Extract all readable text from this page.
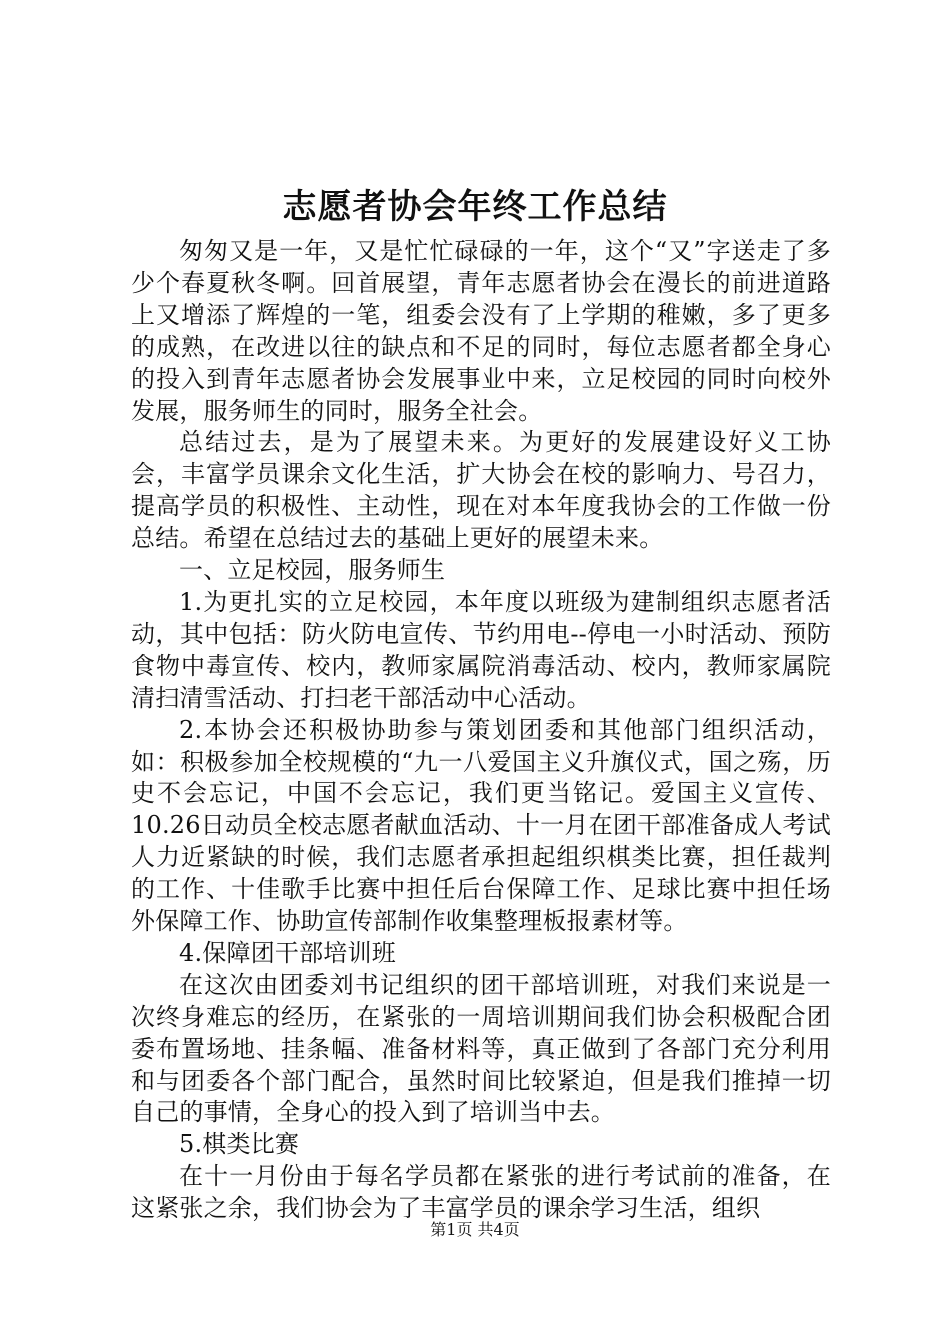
志愿者协会年终工作总结

匆匆又是一年，又是忙忙碌碌的一年，这个“又”字送走了多少个春夏秋冬啊。回首展望，青年志愿者协会在漫长的前进道路上又增添了辉煌的一笔，组委会没有了上学期的稚嫩，多了更多的成熟，在改进以往的缺点和不足的同时，每位志愿者都全身心的投入到青年志愿者协会发展事业中来，立足校园的同时向校外发展，服务师生的同时，服务全社会。

总结过去，是为了展望未来。为更好的发展建设好义工协会，丰富学员课余文化生活，扩大协会在校的影响力、号召力，提高学员的积极性、主动性，现在对本年度我协会的工作做一份总结。希望在总结过去的基础上更好的展望未来。

一、立足校园，服务师生

1.为更扎实的立足校园，本年度以班级为建制组织志愿者活动，其中包括：防火防电宣传、节约用电--停电一小时活动、预防食物中毒宣传、校内，教师家属院消毒活动、校内，教师家属院清扫清雪活动、打扫老干部活动中心活动。

2.本协会还积极协助参与策划团委和其他部门组织活动，如：积极参加全校规模的“九一八爱国主义升旗仪式，国之殇，历史不会忘记，中国不会忘记，我们更当铭记。爱国主义宣传、10.26日动员全校志愿者献血活动、十一月在团干部准备成人考试人力近紧缺的时候，我们志愿者承担起组织棋类比赛，担任裁判的工作、十佳歌手比赛中担任后台保障工作、足球比赛中担任场外保障工作、协助宣传部制作收集整理板报素材等。

4.保障团干部培训班

在这次由团委刘书记组织的团干部培训班，对我们来说是一次终身难忘的经历，在紧张的一周培训期间我们协会积极配合团委布置场地、挂条幅、准备材料等，真正做到了各部门充分利用和与团委各个部门配合，虽然时间比较紧迫，但是我们推掉一切自己的事情，全身心的投入到了培训当中去。

5.棋类比赛

在十一月份由于每名学员都在紧张的进行考试前的准备，在这紧张之余，我们协会为了丰富学员的课余学习生活，组织

第1页 共4页
